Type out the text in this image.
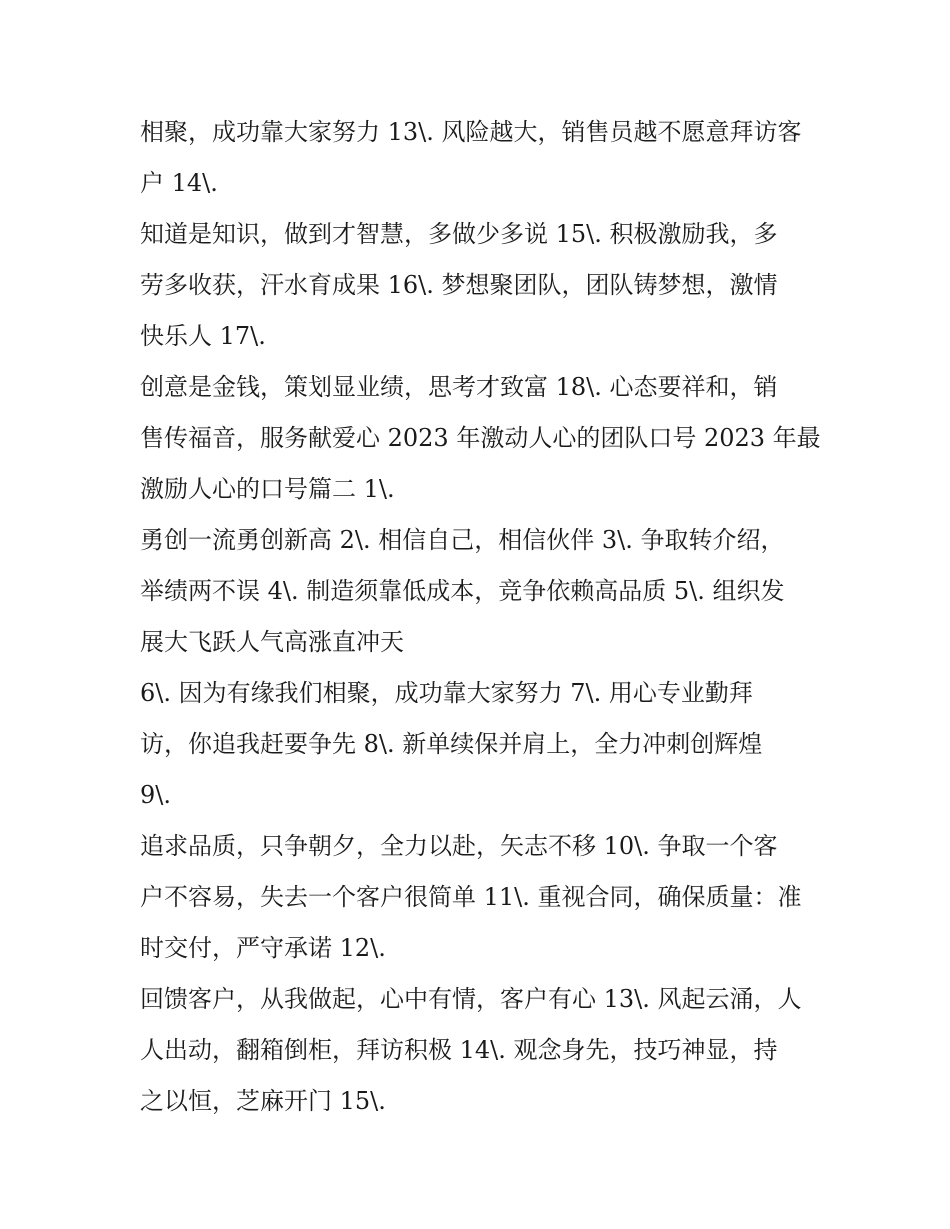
相聚，成功靠大家努力 13\. 风险越大，销售员越不愿意拜访客
户 14\.
知道是知识，做到才智慧，多做少多说 15\. 积极激励我，多
劳多收获，汗水育成果 16\. 梦想聚团队，团队铸梦想，激情
快乐人 17\.
创意是金钱，策划显业绩，思考才致富 18\. 心态要祥和，销
售传福音，服务献爱心 2023 年激动人心的团队口号 2023 年最
激励人心的口号篇二 1\.
勇创一流勇创新高 2\. 相信自己，相信伙伴 3\. 争取转介绍，
举绩两不误 4\. 制造须靠低成本，竞争依赖高品质 5\. 组织发
展大飞跃人气高涨直冲天
6\. 因为有缘我们相聚，成功靠大家努力 7\. 用心专业勤拜
访，你追我赶要争先 8\. 新单续保并肩上，全力冲刺创辉煌
9\.
追求品质，只争朝夕，全力以赴，矢志不移 10\. 争取一个客
户不容易，失去一个客户很简单 11\. 重视合同，确保质量：准
时交付，严守承诺 12\.
回馈客户，从我做起，心中有情，客户有心 13\. 风起云涌，人
人出动，翻箱倒柜，拜访积极 14\. 观念身先，技巧神显，持
之以恒，芝麻开门 15\.
